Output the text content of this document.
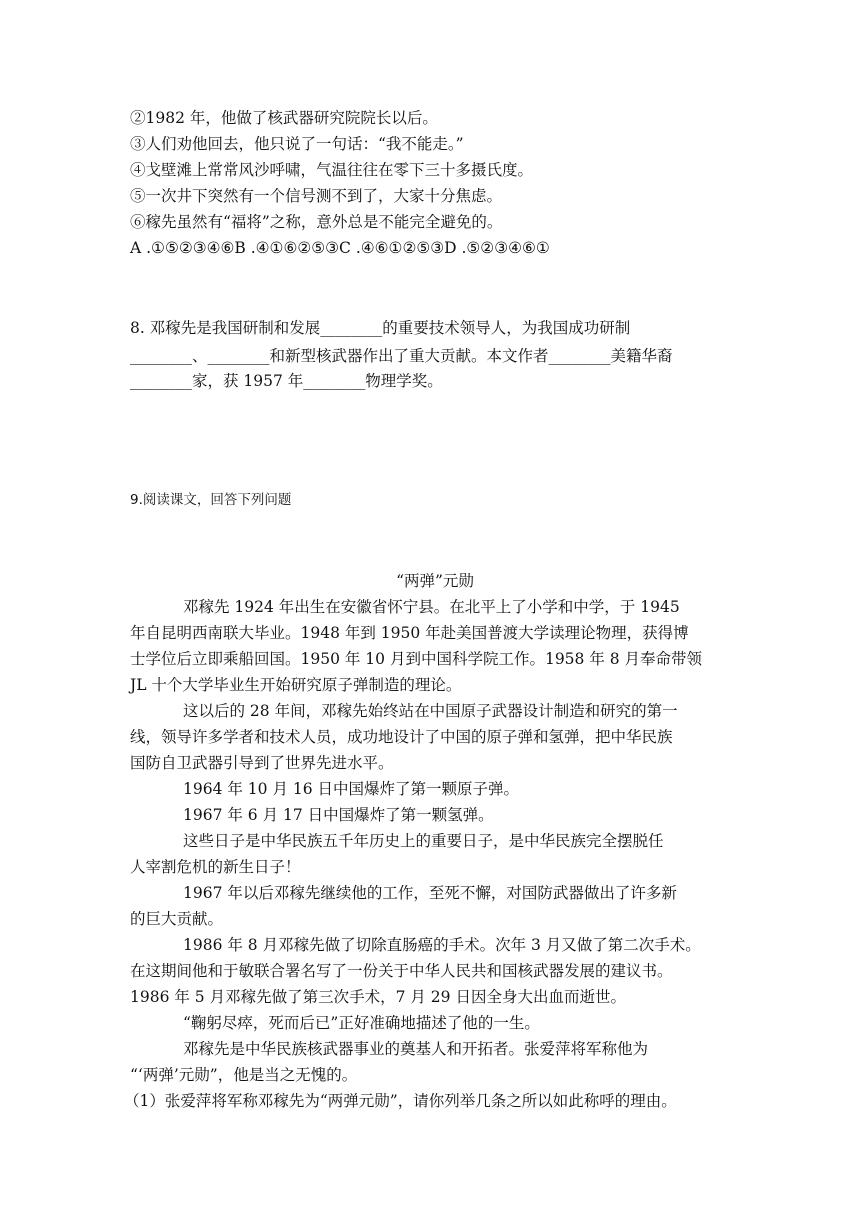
②1982 年，他做了核武器研究院院长以后。
③人们劝他回去，他只说了一句话：“我不能走。”
④戈壁滩上常常风沙呼啸，气温往往在零下三十多摄氏度。
⑤一次井下突然有一个信号测不到了，大家十分焦虑。
⑥稼先虽然有“福将”之称，意外总是不能完全避免的。
A .①⑤②③④⑥B .④①⑥②⑤③C .④⑥①②⑤③D .⑤②③④⑥①
8. 邓稼先是我国研制和发展________的重要技术领导人，为我国成功研制
________、________和新型核武器作出了重大贡献。本文作者________美籍华裔
________家，获 1957 年________物理学奖。
9.阅读课文，回答下列问题
“两弹”元勋
邓稼先 1924 年出生在安徽省怀宁县。在北平上了小学和中学，于 1945
年自昆明西南联大毕业。1948 年到 1950 年赴美国普渡大学读理论物理，获得博
士学位后立即乘船回国。1950 年 10 月到中国科学院工作。1958 年 8 月奉命带领
JL 十个大学毕业生开始研究原子弹制造的理论。
这以后的 28 年间，邓稼先始终站在中国原子武器设计制造和研究的第一
线，领导许多学者和技术人员，成功地设计了中国的原子弹和氢弹，把中华民族
国防自卫武器引导到了世界先进水平。
1964 年 10 月 16 日中国爆炸了第一颗原子弹。
1967 年 6 月 17 日中国爆炸了第一颗氢弹。
这些日子是中华民族五千年历史上的重要日子，是中华民族完全摆脱任
人宰割危机的新生日子！
1967 年以后邓稼先继续他的工作，至死不懈，对国防武器做出了许多新
的巨大贡献。
1986 年 8 月邓稼先做了切除直肠癌的手术。次年 3 月又做了第二次手术。
在这期间他和于敏联合署名写了一份关于中华人民共和国核武器发展的建议书。
1986 年 5 月邓稼先做了第三次手术，7 月 29 日因全身大出血而逝世。
“鞠躬尽瘁，死而后已”正好准确地描述了他的一生。
邓稼先是中华民族核武器事业的奠基人和开拓者。张爱萍将军称他为
“‘两弹’元勋”，他是当之无愧的。
（1）张爱萍将军称邓稼先为“两弹元勋”，请你列举几条之所以如此称呼的理由。
